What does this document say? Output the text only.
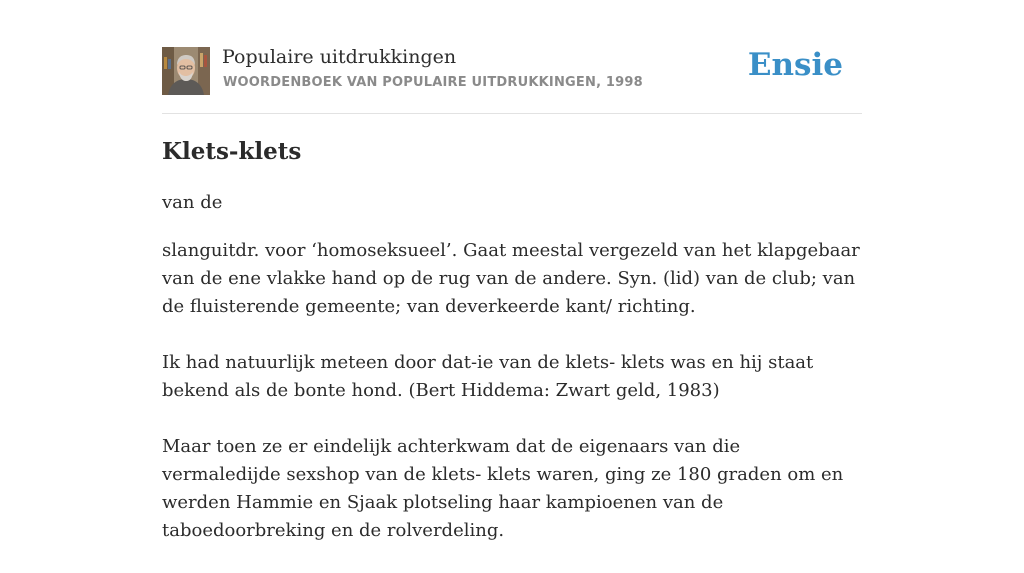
Populaire uitdrukkingen
WOORDENBOEK VAN POPULAIRE UITDRUKKINGEN, 1998	Ensie
Klets-klets
van de

slanguitdr. voor ‘homoseksueel’. Gaat meestal vergezeld van het klapgebaar van de ene vlakke hand op de rug van de andere. Syn. (lid) van de club; van de fluisterende gemeente; van deverkeerde kant/ richting.

Ik had natuurlijk meteen door dat-ie van de klets- klets was en hij staat bekend als de bonte hond. (Bert Hiddema: Zwart geld, 1983)

Maar toen ze er eindelijk achterkwam dat de eigenaars van die vermaledijde sexshop van de klets- klets waren, ging ze 180 graden om en werden Hammie en Sjaak plotseling haar kampioenen van de taboedoorbreking en de rolverdeling.
